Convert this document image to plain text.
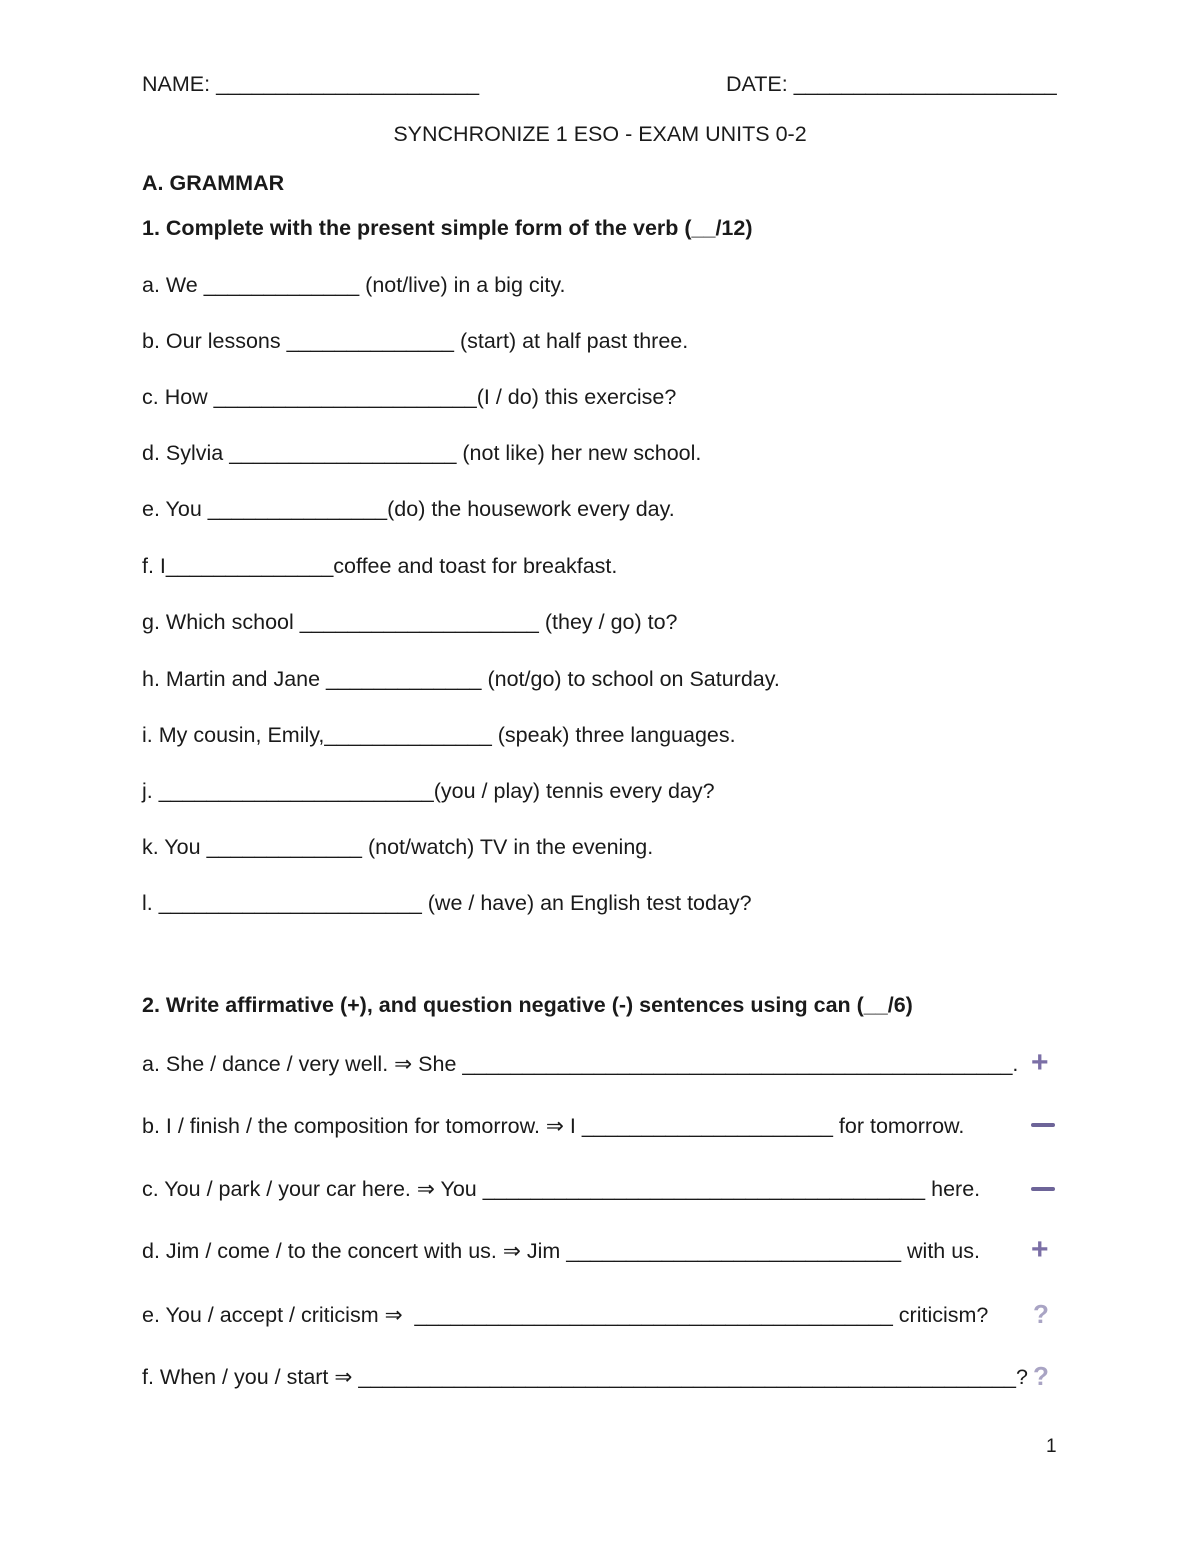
NAME: ______________________	DATE: ______________________
SYNCHRONIZE 1 ESO - EXAM UNITS 0-2
A. GRAMMAR
1. Complete with the present simple form of the verb (__/12)
a. We _____________ (not/live) in a big city.
b. Our lessons ______________ (start) at half past three.
c. How ______________________(I / do) this exercise?
d. Sylvia ___________________ (not like) her new school.
e. You _______________(do) the housework every day.
f. I______________coffee and toast for breakfast.
g. Which school ____________________ (they / go) to?
h. Martin and Jane _____________ (not/go) to school on Saturday.
i. My cousin, Emily,______________ (speak) three languages.
j. _______________________(you / play) tennis every day?
k. You _____________ (not/watch) TV in the evening.
l. ______________________ (we / have) an English test today?
2. Write affirmative (+), and question negative (-) sentences using can (__/6)
a. She / dance / very well. ⇒ She ______________________________________________. +
b. I / finish / the composition for tomorrow. ⇒ I _____________________ for tomorrow.
c. You / park / your car here. ⇒ You _____________________________________ here.
d. Jim / come / to the concert with us. ⇒ Jim ____________________________ with us. +
e. You / accept / criticism ⇒  ________________________________________ criticism? ?
f. When / you / start ⇒ _______________________________________________________? ?
1
